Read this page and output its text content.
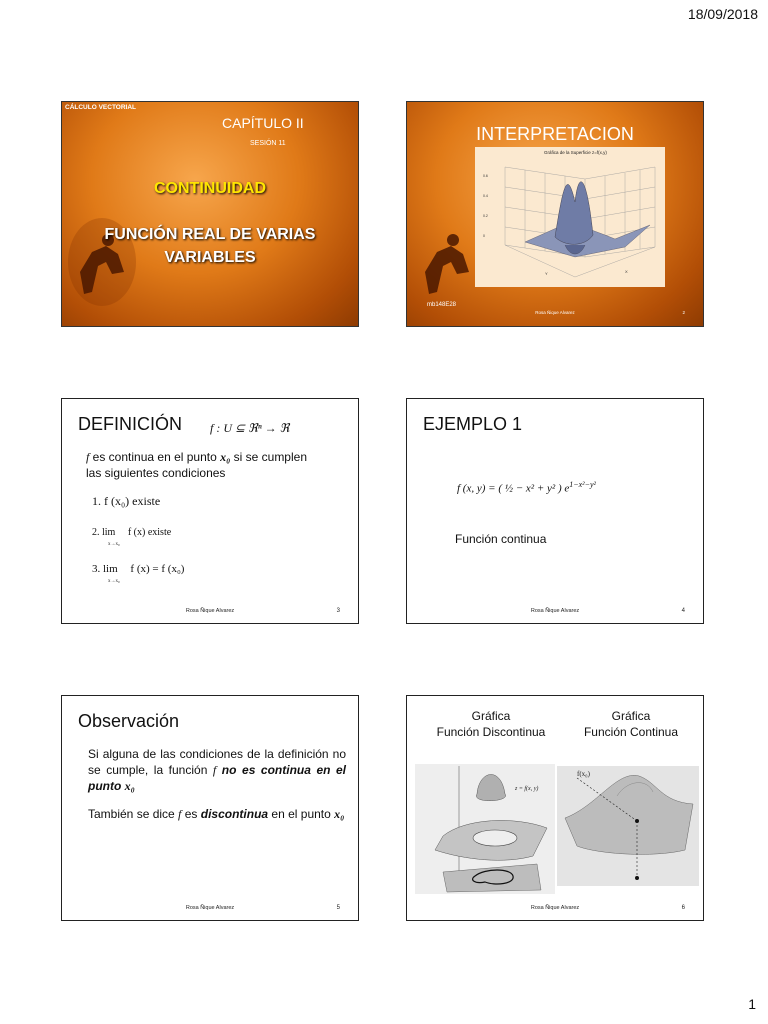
18/09/2018
CÁLCULO VECTORIAL
CAPÍTULO II
SESIÓN 11
CONTINUIDAD
FUNCIÓN REAL DE VARIAS
VARIABLES
INTERPRETACION
0.6
0.4
0.2
0
Y	X
Gráfica de la Superficie z=f(x,y)
mb148E28
Rosa Ñique Alvarez	2
DEFINICIÓN f : U ⊆ ℜⁿ → ℜ
f es continua en el punto x₀ si se cumplen
las siguientes condiciones
1. f (x₀) existe
2. lim
x→x₀
f (x) existe
3. lim
x→x₀
f (x) = f (x₀)
Rosa Ñique Alvarez	3
EJEMPLO 1
f (x, y) = ( ½ − x² + y² ) $e^{1-x^2-y^2}$
Función continua
Rosa Ñique Alvarez	4
Observación
Si alguna de las condiciones de la definición no se cumple, la función f no es continua en el punto x₀
También se dice f es discontinua en el punto x₀
Rosa Ñique Alvarez	5
Gráfica
Función Discontinua
Gráfica
Función Continua
z = f(x, y)
f(x₀)
Rosa Ñique Alvarez	6
1
